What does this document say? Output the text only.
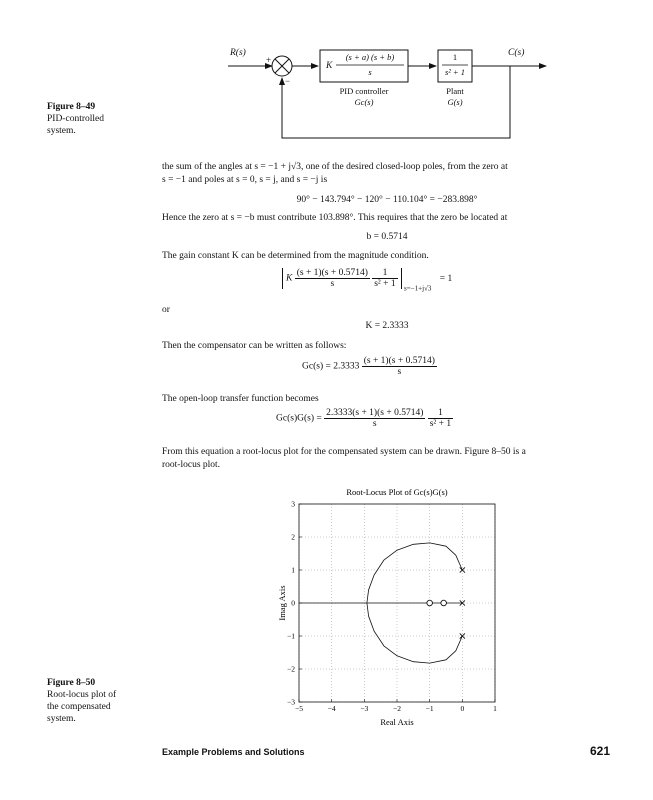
R(s)	C(s)
+
−
K
(s + a) (s + b)
s
1
s² + 1
PID controller
Gc(s)
Plant
G(s)
Figure 8–49
PID-controlled
system.
the sum of the angles at s = −1 + j√3, one of the desired closed-loop poles, from the zero at
s = −1 and poles at s = 0, s = j, and s = −j is
90° − 143.794° − 120° − 110.104° = −283.898°
Hence the zero at s = −b must contribute 103.898°. This requires that the zero be located at
b = 0.5714
The gain constant K can be determined from the magnitude condition.
K $\frac{(s + 1)(s + 0.5714)}{s}$
$\frac{1}{\text{s² + 1}} _{s=-1+j√3} = 1$
or
K = 2.3333
Then the compensator can be written as follows:
$Gc(s) = 2.3333 \frac{(s + 1)(s + 0.5714)}{s}$
The open-loop transfer function becomes
$Gc(s)G(s) = \frac{2.3333(s + 1)(s + 0.5714)}{s}$
$\frac{1}{\text{s² + 1}}$
From this equation a root-locus plot for the compensated system can be drawn. Figure 8–50 is a
root-locus plot.
Root-Locus Plot of Gc(s)G(s)
−5	−4	−3	−2	−1	0	1
−3
−2
−1
0
1
2
3
Real Axis
Imag Axis
Figure 8–50
Root-locus plot of
the compensated
system.
Example Problems and Solutions	621
